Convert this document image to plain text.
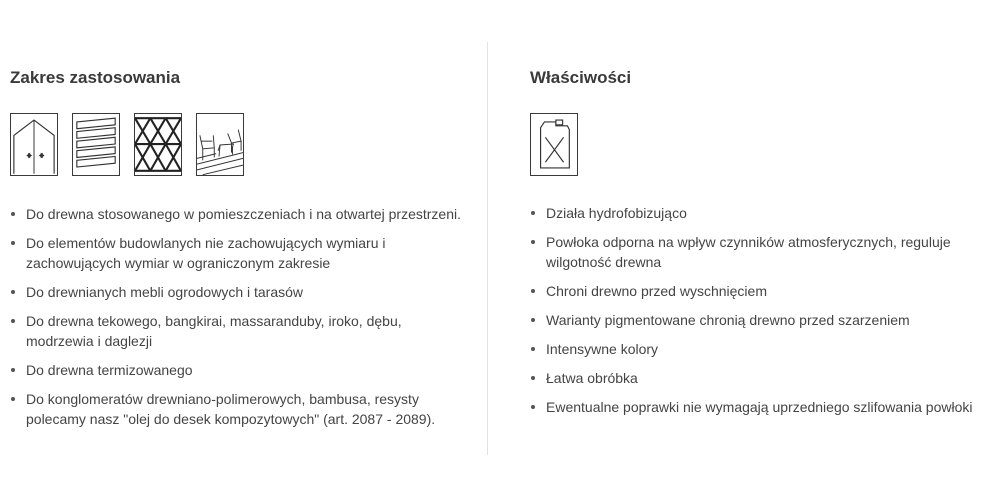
Zakres zastosowania
Do drewna stosowanego w pomieszczeniach i na otwartej przestrzeni.
Do elementów budowlanych nie zachowujących wymiaru i zachowujących wymiar w ograniczonym zakresie
Do drewnianych mebli ogrodowych i tarasów
Do drewna tekowego, bangkirai, massaranduby, iroko, dębu, modrzewia i daglezji
Do drewna termizowanego
Do konglomeratów drewniano-polimerowych, bambusa, resysty polecamy nasz "olej do desek kompozytowych" (art. 2087 - 2089).
Właściwości
Działa hydrofobizująco
Powłoka odporna na wpływ czynników atmosferycznych, reguluje wilgotność drewna
Chroni drewno przed wyschnięciem
Warianty pigmentowane chronią drewno przed szarzeniem
Intensywne kolory
Łatwa obróbka
Ewentualne poprawki nie wymagają uprzedniego szlifowania powłoki
